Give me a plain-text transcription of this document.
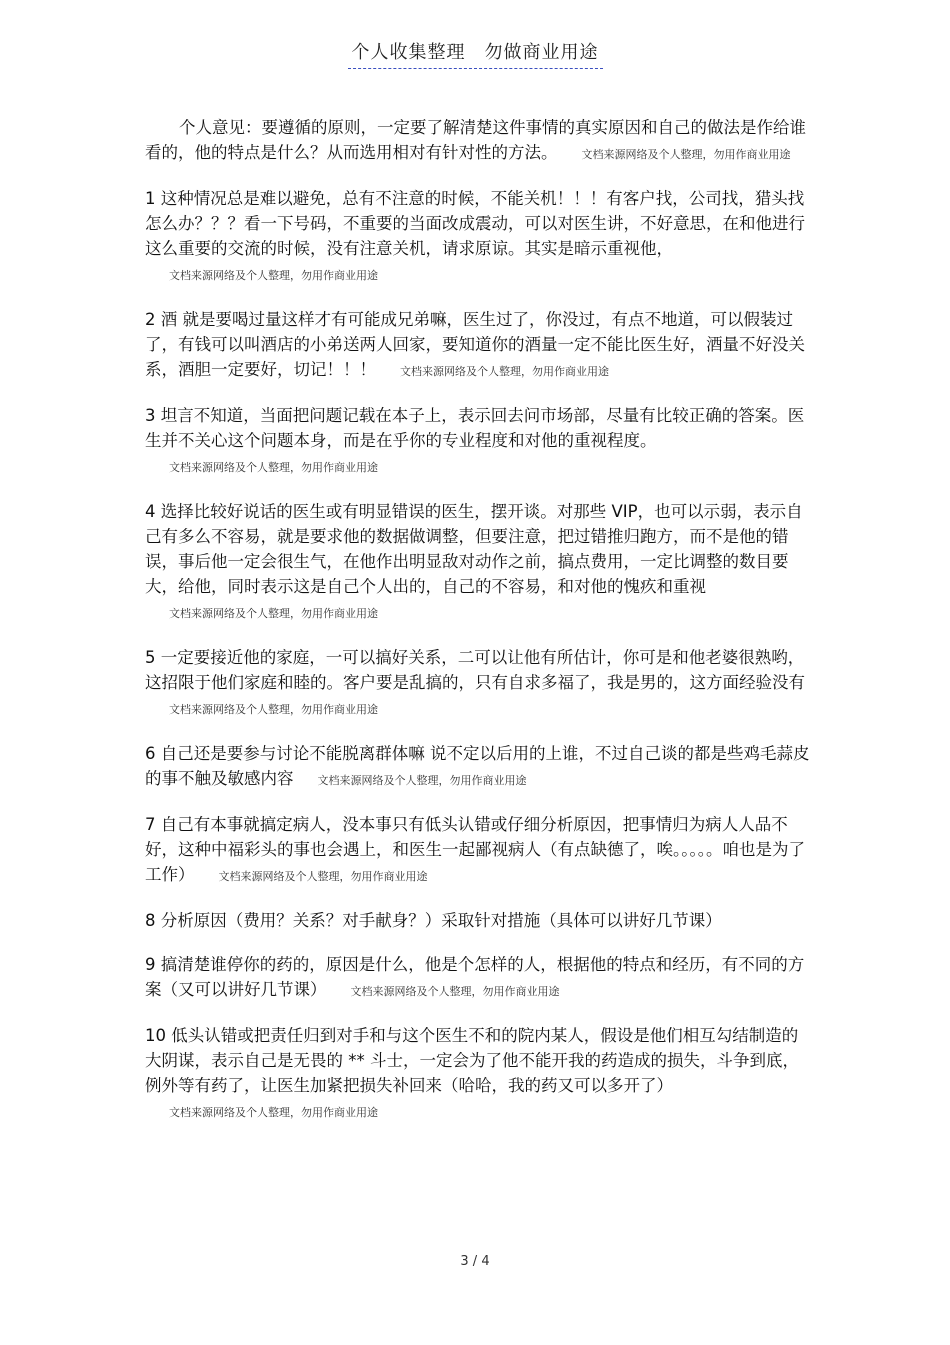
个人收集整理　勿做商业用途

个人意见：要遵循的原则，一定要了解清楚这件事情的真实原因和自己的做法是作给谁看的，他的特点是什么？从而选用相对有针对性的方法。 文档来源网络及个人整理，勿用作商业用途

1 这种情况总是难以避免，总有不注意的时候，不能关机！！！有客户找，公司找，猎头找怎么办？？？看一下号码，不重要的当面改成震动，可以对医生讲，不好意思，在和他进行这么重要的交流的时候，没有注意关机，请求原谅。其实是暗示重视他，文档来源网络及个人整理，勿用作商业用途

2 酒 就是要喝过量这样才有可能成兄弟嘛，医生过了，你没过，有点不地道，可以假装过了，有钱可以叫酒店的小弟送两人回家，要知道你的酒量一定不能比医生好，酒量不好没关系，酒胆一定要好，切记！！！ 文档来源网络及个人整理，勿用作商业用途

3 坦言不知道，当面把问题记载在本子上，表示回去问市场部，尽量有比较正确的答案。医生并不关心这个问题本身，而是在乎你的专业程度和对他的重视程度。文档来源网络及个人整理，勿用作商业用途

4 选择比较好说话的医生或有明显错误的医生，摆开谈。对那些 VIP，也可以示弱，表示自己有多么不容易，就是要求他的数据做调整，但要注意，把过错推归跑方，而不是他的错误，事后他一定会很生气，在他作出明显敌对动作之前，搞点费用，一定比调整的数目要大，给他，同时表示这是自己个人出的，自己的不容易，和对他的愧疚和重视文档来源网络及个人整理，勿用作商业用途

5 一定要接近他的家庭，一可以搞好关系，二可以让他有所估计，你可是和他老婆很熟哟，这招限于他们家庭和睦的。客户要是乱搞的，只有自求多福了，我是男的，这方面经验没有文档来源网络及个人整理，勿用作商业用途

6 自己还是要参与讨论不能脱离群体嘛 说不定以后用的上谁，不过自己谈的都是些鸡毛蒜皮的事不触及敏感内容 文档来源网络及个人整理，勿用作商业用途

7 自己有本事就搞定病人，没本事只有低头认错或仔细分析原因，把事情归为病人人品不好，这种中福彩头的事也会遇上，和医生一起鄙视病人（有点缺德了，唉。。。。。咱也是为了工作） 文档来源网络及个人整理，勿用作商业用途

8 分析原因（费用？关系？对手献身？）采取针对措施（具体可以讲好几节课）

9 搞清楚谁停你的药的，原因是什么，他是个怎样的人，根据他的特点和经历，有不同的方案（又可以讲好几节课） 文档来源网络及个人整理，勿用作商业用途

10 低头认错或把责任归到对手和与这个医生不和的院内某人，假设是他们相互勾结制造的大阴谋，表示自己是无畏的 ** 斗士，一定会为了他不能开我的药造成的损失，斗争到底，例外等有药了，让医生加紧把损失补回来（哈哈，我的药又可以多开了）文档来源网络及个人整理，勿用作商业用途

3 / 4
